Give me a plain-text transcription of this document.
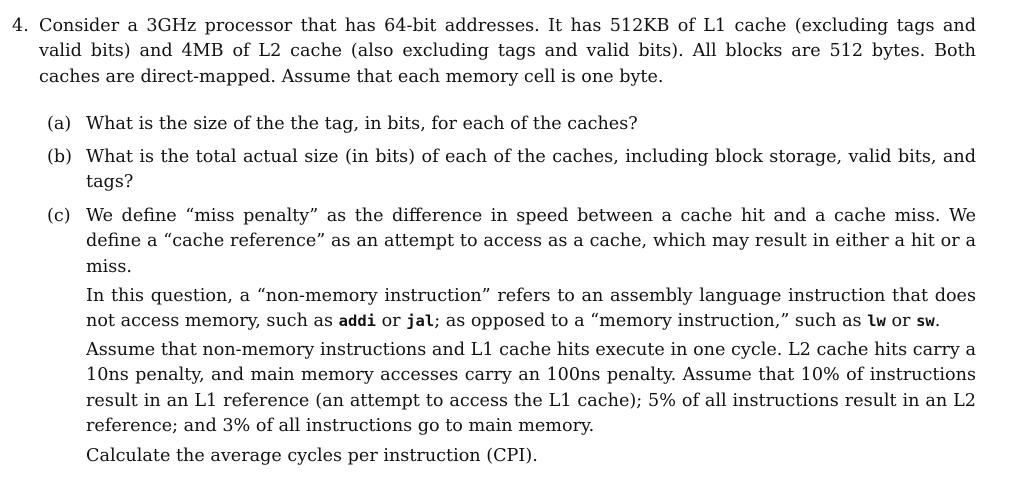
4. Consider a 3GHz processor that has 64-bit addresses. It has 512KB of L1 cache (excluding tags and valid bits) and 4MB of L2 cache (also excluding tags and valid bits). All blocks are 512 bytes. Both caches are direct-mapped. Assume that each memory cell is one byte.

(a) What is the size of the the tag, in bits, for each of the caches?

(b) What is the total actual size (in bits) of each of the caches, including block storage, valid bits, and tags?

(c) We define “miss penalty” as the difference in speed between a cache hit and a cache miss. We define a “cache reference” as an attempt to access as a cache, which may result in either a hit or a miss.

In this question, a “non-memory instruction” refers to an assembly language instruction that does not access memory, such as addi or jal; as opposed to a “memory instruction,” such as lw or sw.

Assume that non-memory instructions and L1 cache hits execute in one cycle. L2 cache hits carry a 10ns penalty, and main memory accesses carry an 100ns penalty. Assume that 10% of instructions result in an L1 reference (an attempt to access the L1 cache); 5% of all instructions result in an L2 reference; and 3% of all instructions go to main memory.

Calculate the average cycles per instruction (CPI).
